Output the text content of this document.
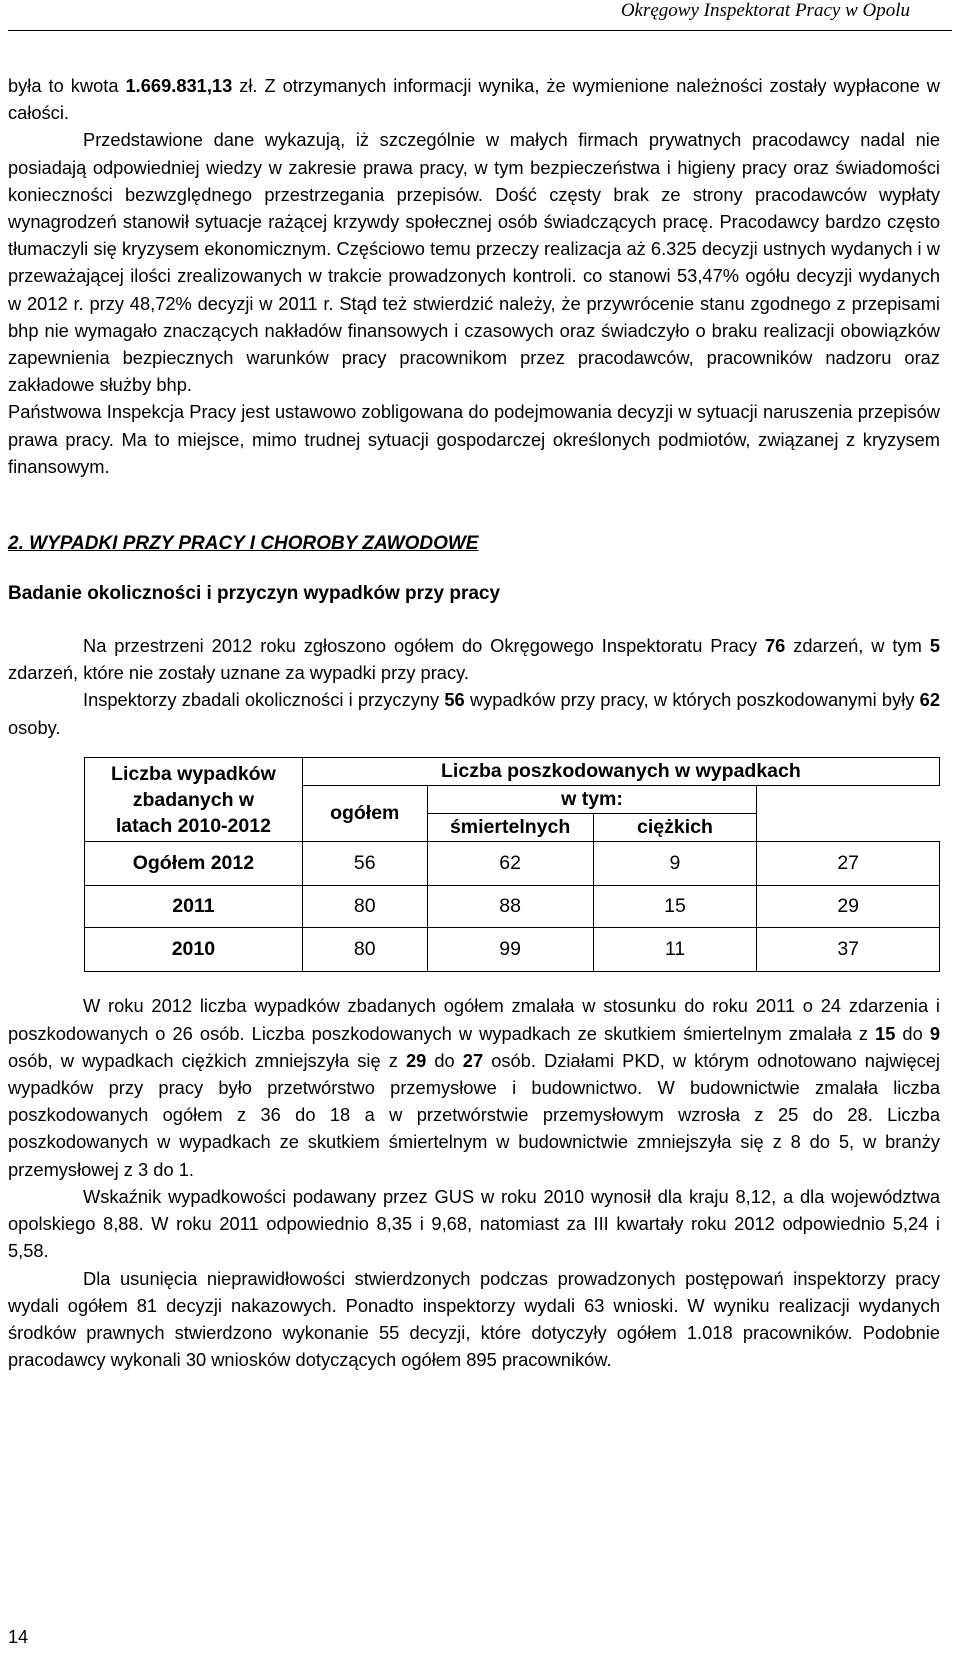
Okręgowy Inspektorat Pracy w Opolu

była to kwota 1.669.831,13 zł. Z otrzymanych informacji wynika, że wymienione należności zostały wypłacone w całości.

Przedstawione dane wykazują, iż szczególnie w małych firmach prywatnych pracodawcy nadal nie posiadają odpowiedniej wiedzy w zakresie prawa pracy, w tym bezpieczeństwa i higieny pracy oraz świadomości konieczności bezwzględnego przestrzegania przepisów. Dość częsty brak ze strony pracodawców wypłaty wynagrodzeń stanowił sytuacje rażącej krzywdy społecznej osób świadczących pracę. Pracodawcy bardzo często tłumaczyli się kryzysem ekonomicznym. Częściowo temu przeczy realizacja aż 6.325 decyzji ustnych wydanych i w przeważającej ilości zrealizowanych w trakcie prowadzonych kontroli. co stanowi 53,47% ogółu decyzji wydanych w 2012 r. przy 48,72% decyzji w 2011 r. Stąd też stwierdzić należy, że przywrócenie stanu zgodnego z przepisami bhp nie wymagało znaczących nakładów finansowych i czasowych oraz świadczyło o braku realizacji obowiązków zapewnienia bezpiecznych warunków pracy pracownikom przez pracodawców, pracowników nadzoru oraz zakładowe służby bhp.

Państwowa Inspekcja Pracy jest ustawowo zobligowana do podejmowania decyzji w sytuacji naruszenia przepisów prawa pracy. Ma to miejsce, mimo trudnej sytuacji gospodarczej określonych podmiotów, związanej z kryzysem finansowym.

2. WYPADKI PRZY PRACY I CHOROBY ZAWODOWE

Badanie okoliczności i przyczyn wypadków przy pracy

Na przestrzeni 2012 roku zgłoszono ogółem do Okręgowego Inspektoratu Pracy 76 zdarzeń, w tym 5 zdarzeń, które nie zostały uznane za wypadki przy pracy.

Inspektorzy zbadali okoliczności i przyczyny 56 wypadków przy pracy, w których poszkodowanymi były 62 osoby.

Liczba wypadków zbadanych w latach 2010-2012	Liczba poszkodowanych w wypadkach			
	ogółem	w tym:		
		śmiertelnych	ciężkich	
Ogółem 2012	56	62	9	27
2011	80	88	15	29
2010	80	99	11	37

W roku 2012 liczba wypadków zbadanych ogółem zmalała w stosunku do roku 2011 o 24 zdarzenia i poszkodowanych o 26 osób. Liczba poszkodowanych w wypadkach ze skutkiem śmiertelnym zmalała z 15 do 9 osób, w wypadkach ciężkich zmniejszyła się z 29 do 27 osób. Działami PKD, w którym odnotowano najwięcej wypadków przy pracy było przetwórstwo przemysłowe i budownictwo. W budownictwie zmalała liczba poszkodowanych ogółem z 36 do 18 a w przetwórstwie przemysłowym wzrosła z 25 do 28. Liczba poszkodowanych w wypadkach ze skutkiem śmiertelnym w budownictwie zmniejszyła się z 8 do 5, w branży przemysłowej z 3 do 1.

Wskaźnik wypadkowości podawany przez GUS w roku 2010 wynosił dla kraju 8,12, a dla województwa opolskiego 8,88. W roku 2011 odpowiednio 8,35 i 9,68, natomiast za III kwartały roku 2012 odpowiednio 5,24 i 5,58.

Dla usunięcia nieprawidłowości stwierdzonych podczas prowadzonych postępowań inspektorzy pracy wydali ogółem 81 decyzji nakazowych. Ponadto inspektorzy wydali 63 wnioski. W wyniku realizacji wydanych środków prawnych stwierdzono wykonanie 55 decyzji, które dotyczyły ogółem 1.018 pracowników. Podobnie pracodawcy wykonali 30 wniosków dotyczących ogółem 895 pracowników.

14
